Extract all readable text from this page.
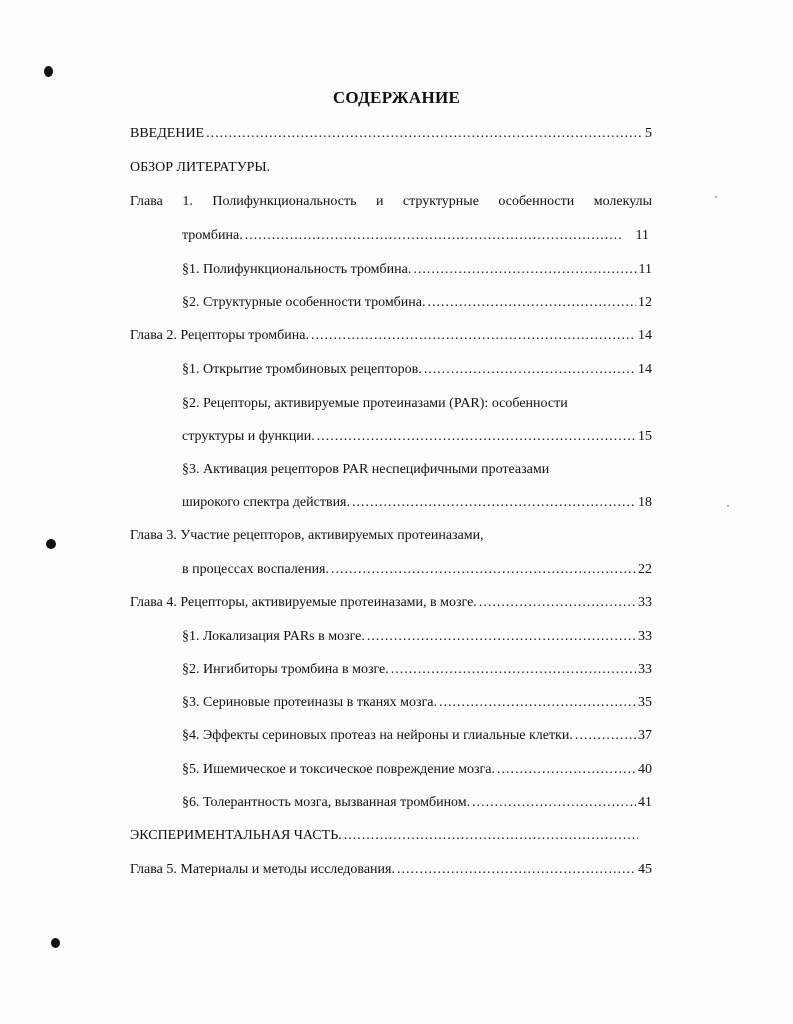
СОДЕРЖАНИЕ
ВВЕДЕНИЕ .....	5
ОБЗОР ЛИТЕРАТУРЫ.
Глава 1. Полифункциональность и структурные особенности молекулы
тромбина. .....	11
§1. Полифункциональность тромбина. .....	11
§2. Структурные особенности тромбина. .....	12
Глава 2. Рецепторы тромбина. .....	14
§1. Открытие тромбиновых рецепторов. .....	14
§2. Рецепторы, активируемые протеиназами (PAR): особенности
структуры и функции. .....	15
§3. Активация рецепторов PAR неспецифичными протеазами
широкого спектра действия. .....	18
Глава 3. Участие рецепторов, активируемых протеиназами,
в процессах воспаления. .....	22
Глава 4. Рецепторы, активируемые протеиназами, в мозге. .....	33
§1. Локализация PARs в мозге. .....	33
§2. Ингибиторы тромбина в мозге. .....	33
§3. Сериновые протеиназы в тканях мозга. .....	35
§4. Эффекты сериновых протеаз на нейроны и глиальные клетки. .....	37
§5. Ишемическое и токсическое повреждение мозга. .....	40
§6. Толерантность мозга, вызванная тромбином. .....	41
ЭКСПЕРИМЕНТАЛЬНАЯ ЧАСТЬ.
.....
Глава 5. Материалы и методы исследования. .....	45
